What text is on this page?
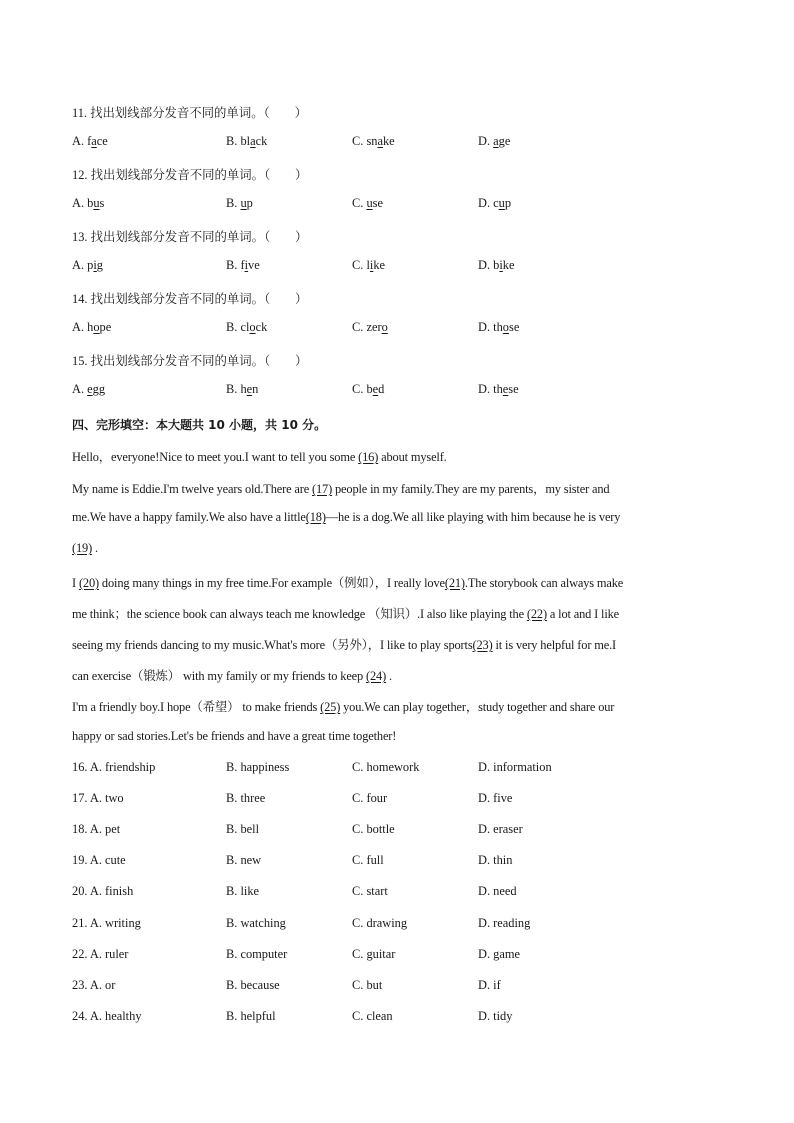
11. 找出划线部分发音不同的单词。（　　）
A. face	B. black	C. snake	D. age
12. 找出划线部分发音不同的单词。（　　）
A. bus	B. up	C. use	D. cup
13. 找出划线部分发音不同的单词。（　　）
A. pig	B. five	C. like	D. bike
14. 找出划线部分发音不同的单词。（　　）
A. hope	B. clock	C. zero	D. those
15. 找出划线部分发音不同的单词。（　　）
A. egg	B. hen	C. bed	D. these
四、完形填空：本大题共 10 小题，共 10 分。
Hello，everyone!Nice to meet you.I want to tell you some (16) about myself.
My name is Eddie.I'm twelve years old.There are (17) people in my family.They are my parents，my sister and
me.We have a happy family.We also have a little(18)—he is a dog.We all like playing with him because he is very
(19) .
I (20) doing many things in my free time.For example（例如），I really love(21).The storybook can always make
me think；the science book can always teach me knowledge （知识）.I also like playing the (22) a lot and I like
seeing my friends dancing to my music.What's more（另外），I like to play sports(23) it is very helpful for me.I
can exercise（锻炼） with my family or my friends to keep (24) .
I'm a friendly boy.I hope（希望） to make friends (25) you.We can play together，study together and share our
happy or sad stories.Let's be friends and have a great time together!
16. A. friendship	B. happiness	C. homework	D. information
17. A. two	B. three	C. four	D. five
18. A. pet	B. bell	C. bottle	D. eraser
19. A. cute	B. new	C. full	D. thin
20. A. finish	B. like	C. start	D. need
21. A. writing	B. watching	C. drawing	D. reading
22. A. ruler	B. computer	C. guitar	D. game
23. A. or	B. because	C. but	D. if
24. A. healthy	B. helpful	C. clean	D. tidy
